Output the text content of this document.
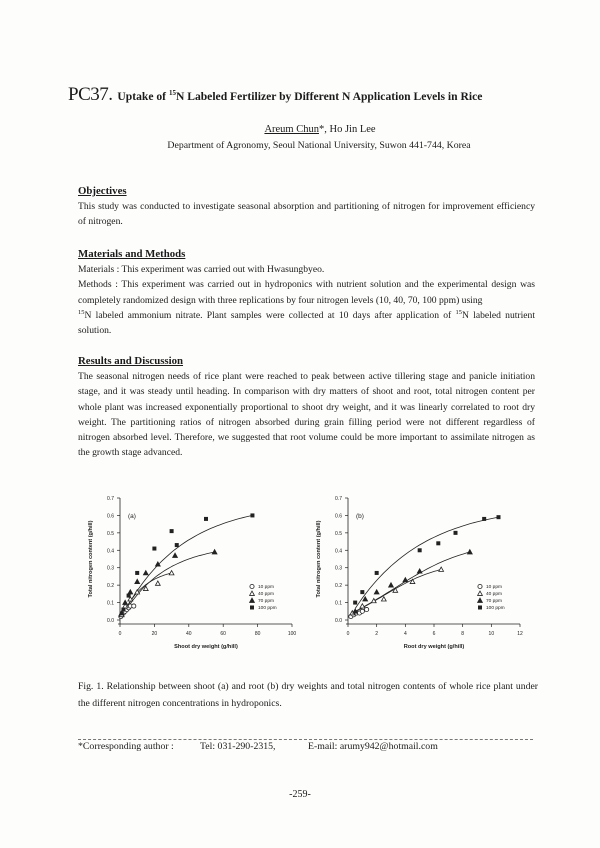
PC37. Uptake of $^{15}$N Labeled Fertilizer by Different N Application Levels in Rice
Areum Chun*, Ho Jin Lee
Department of Agronomy, Seoul National University, Suwon 441-744, Korea
Objectives

This study was conducted to investigate seasonal absorption and partitioning of nitrogen for improvement efficiency of nitrogen.

Materials and Methods

Materials : This experiment was carried out with Hwasungbyeo.

Methods : This experiment was carried out in hydroponics with nutrient solution and the experimental design was completely randomized design with three replications by four nitrogen levels (10, 40, 70, 100 ppm) using
$^{15}$N labeled ammonium nitrate. Plant samples were collected at 10 days after application of $^{15}$N labeled nutrient solution.

Results and Discussion

The seasonal nitrogen needs of rice plant were reached to peak between active tillering stage and panicle initiation stage, and it was steady until heading. In comparison with dry matters of shoot and root, total nitrogen content per whole plant was increased exponentially proportional to shoot dry weight, and it was linearly correlated to root dry weight. The partitioning ratios of nitrogen absorbed during grain filling period were not different regardless of nitrogen absorbed level. Therefore, we suggested that root volume could be more important to assimilate nitrogen as the growth stage advanced.

0.0
0.1
0.2
0.3
0.4
0.5
0.6
0.7
0	20	40	60	80	100
Shoot dry weight (g/hill)
Total nitrogen content (g/hill)
(a)
10 ppm
40 ppm
70 ppm
100 ppm
0.0
0.1
0.2
0.3
0.4
0.5
0.6
0.7
0	2	4	6	8	10	12
Root dry weight (g/hill)
Total nitrogen content (g/hill)
(b)
10 ppm
40 ppm
70 ppm
100 ppm
Fig. 1. Relationship between shoot (a) and root (b) dry weights and total nitrogen contents of whole rice plant under the different nitrogen concentrations in hydroponics.
*Corresponding author :	Tel: 031-290-2315,	E-mail: arumy942@hotmail.com
-259-
